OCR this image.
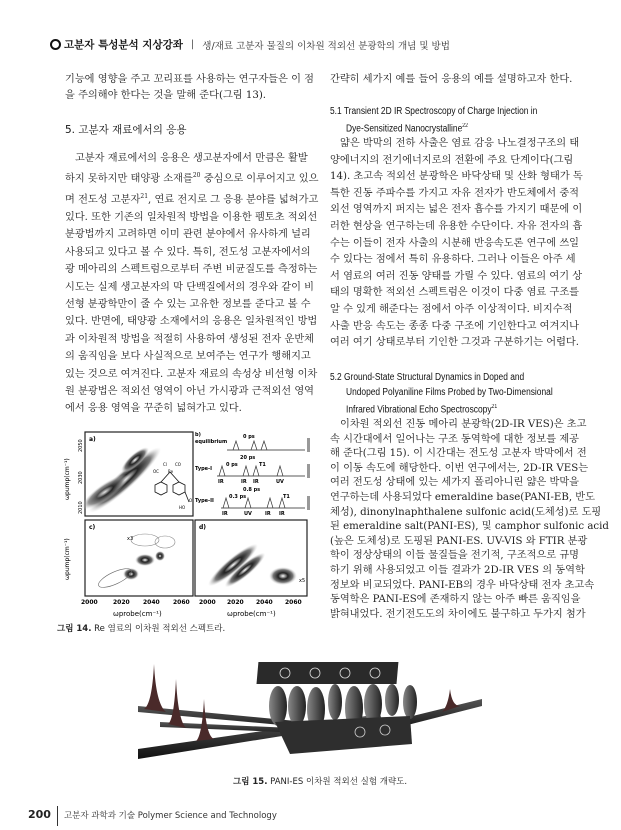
고분자 특성분석 지상강좌 | 생/재료 고분자 물질의 이차원 적외선 분광학의 개념 및 방법
기능에 영향을 주고 꼬리표를 사용하는 연구자들은 이 점
을 주의해야 한다는 것을 말해 준다(그림 13).
5. 고분자 재료에서의 응용
고분자 재료에서의 응용은 생고분자에서 만큼은 활발
하지 못하지만 태양광 소재를$^{20}$ 중심으로 이루어지고 있으
며 전도성 고분자$^{21}$, 연료 전지로 그 응용 분야를 넓혀가고
있다. 또한 기존의 일차원적 방법을 이용한 펨토초 적외선
분광법까지 고려하면 이미 관련 분야에서 유사하게 널리
사용되고 있다고 볼 수 있다. 특히, 전도성 고분자에서의
광 메아리의 스펙트럼으로부터 주변 비균질도를 측정하는
시도는 실제 생고분자의 막 단백질에서의 경우와 같이 비
선형 분광학만이 줄 수 있는 고유한 정보를 준다고 볼 수
있다. 반면에, 태양광 소재에서의 응용은 일차원적인 방법
과 이차원적 방법을 적절히 사용하여 생성된 전자 운반체
의 움직임을 보다 사실적으로 보여주는 연구가 행해지고
있는 것으로 여겨진다. 고분자 재료의 속성상 비선형 이차
원 분광법은 적외선 영역이 아닌 가시광과 근적외선 영역
에서 응용 영역을 꾸준히 넓혀가고 있다.
a)
Cl CO
OC Re
HO
O
2010
2030
2050
ωpump(cm⁻¹)
b)
equilibrium
0 ps
Type-I
20 ps
0 ps	T1
IR	IR IR	UV
Type-II
0.8 ps
0.3 ps	T1
IR	UV	IR IR
c)
x3
ωpump(cm⁻¹)
2000	2020 2040 2060
ωprobe(cm⁻¹)
d)
x5
2000 2020 2040 2060
ωprobe(cm⁻¹)
그림 14. Re 염료의 이차원 적외선 스펙트라.
간략히 세가지 예를 들어 응용의 예를 설명하고자 한다.
5.1 Transient 2D IR Spectroscopy of Charge Injection in
Dye-Sensitized Nanocrystalline$^{22}$
얇은 박막의 전하 사출은 염료 감응 나노결정구조의 태
양에너지의 전기에너지로의 전환에 주요 단계이다(그림
14). 초고속 적외선 분광학은 바닥상태 및 산화 형태가 독
특한 진동 주파수를 가지고 자유 전자가 반도체에서 중적
외선 영역까지 퍼지는 넓은 전자 흡수를 가지기 때문에 이
러한 현상을 연구하는데 유용한 수단이다. 자유 전자의 흡
수는 이들이 전자 사출의 시분해 반응속도론 연구에 쓰일
수 있다는 점에서 특히 유용하다. 그러나 이들은 아주 세
서 염료의 여러 진동 양태를 가릴 수 있다. 염료의 여기 상
태의 명확한 적외선 스펙트럼은 이것이 다중 염료 구조를
알 수 있게 해준다는 점에서 아주 이상적이다. 비지수적
사출 반응 속도는 종종 다중 구조에 기인한다고 여겨지나
여러 여기 상태로부터 기인한 그것과 구분하기는 어렵다.
5.2 Ground-State Structural Dynamics in Doped and
Undoped Polyaniline Films Probed by Two-Dimensional
Infrared Vibrational Echo Spectroscopy$^{21}$
이차원 적외선 진동 메아리 분광학(2D-IR VES)은 초고
속 시간대에서 일어나는 구조 동역학에 대한 정보를 제공
해 준다(그림 15). 이 시간대는 전도성 고분자 박막에서 전
이 이동 속도에 해당한다. 이번 연구에서는, 2D-IR VES는
여러 전도성 상태에 있는 세가지 폴리아니린 얇은 박막을
연구하는데 사용되었다 emeraldine base(PANI-EB, 반도
체성), dinonylnaphthalene sulfonic acid(도체성)로 도핑
된 emeraldine salt(PANI-ES), 및 camphor sulfonic acid
(높은 도체성)로 도핑된 PANI-ES. UV-VIS 와 FTIR 분광
학이 정상상태의 이들 물질들을 전기적, 구조적으로 규명
하기 위해 사용되었고 이들 결과가 2D-IR VES 의 동역학
정보와 비교되었다. PANI-EB의 경우 바닥상태 전자 초고속
동역학은 PANI-ES에 존재하지 않는 아주 빠른 움직임을
밝혀내었다. 전기전도도의 차이에도 불구하고 두가지 첨가
그림 15. PANI-ES 이차원 적외선 실험 개략도.
200 고분자 과학과 기술 Polymer Science and Technology
